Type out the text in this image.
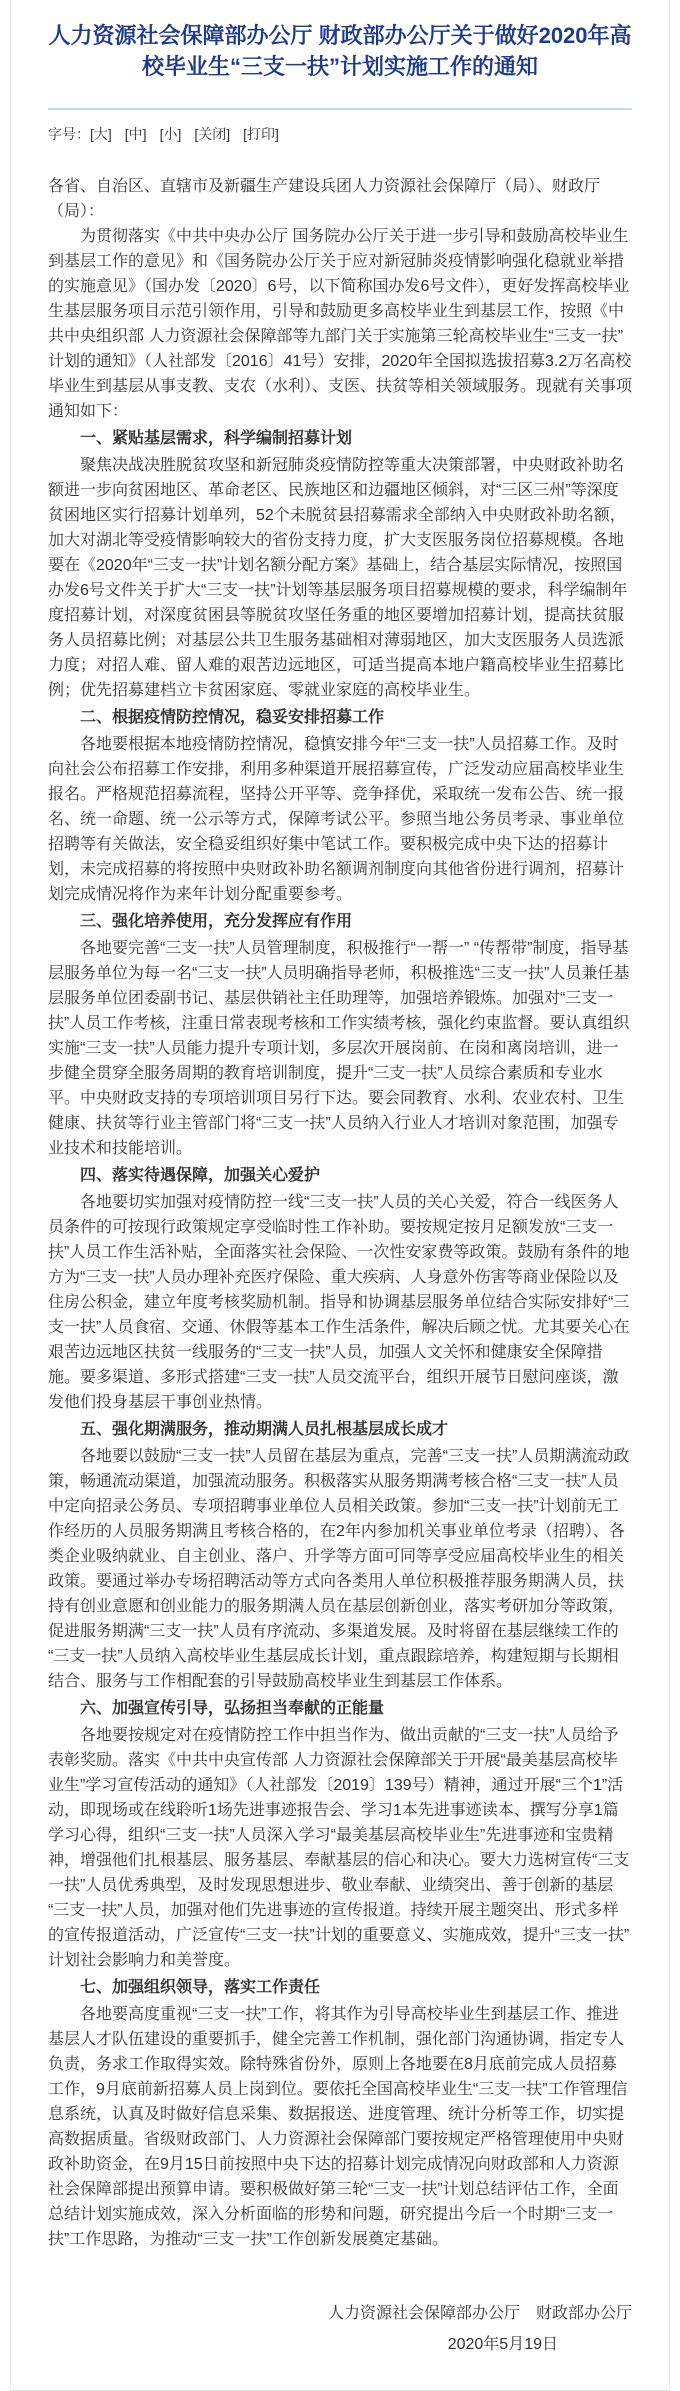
人力资源社会保障部办公厅 财政部办公厅关于做好2020年高校毕业生“三支一扶”计划实施工作的通知
字号：[大] [中] [小] [关闭] [打印]

各省、自治区、直辖市及新疆生产建设兵团人力资源社会保障厅（局）、财政厅（局）：

为贯彻落实《中共中央办公厅 国务院办公厅关于进一步引导和鼓励高校毕业生到基层工作的意见》和《国务院办公厅关于应对新冠肺炎疫情影响强化稳就业举措的实施意见》（国办发〔2020〕6号，以下简称国办发6号文件），更好发挥高校毕业生基层服务项目示范引领作用，引导和鼓励更多高校毕业生到基层工作，按照《中共中央组织部 人力资源社会保障部等九部门关于实施第三轮高校毕业生“三支一扶”计划的通知》（人社部发〔2016〕41号）安排，2020年全国拟选拔招募3.2万名高校毕业生到基层从事支教、支农（水利）、支医、扶贫等相关领域服务。现就有关事项通知如下：

一、紧贴基层需求，科学编制招募计划

聚焦决战决胜脱贫攻坚和新冠肺炎疫情防控等重大决策部署，中央财政补助名额进一步向贫困地区、革命老区、民族地区和边疆地区倾斜，对“三区三州”等深度贫困地区实行招募计划单列，52个未脱贫县招募需求全部纳入中央财政补助名额，加大对湖北等受疫情影响较大的省份支持力度，扩大支医服务岗位招募规模。各地要在《2020年“三支一扶”计划名额分配方案》基础上，结合基层实际情况，按照国办发6号文件关于扩大“三支一扶”计划等基层服务项目招募规模的要求，科学编制年度招募计划，对深度贫困县等脱贫攻坚任务重的地区要增加招募计划，提高扶贫服务人员招募比例；对基层公共卫生服务基础相对薄弱地区，加大支医服务人员选派力度；对招人难、留人难的艰苦边远地区，可适当提高本地户籍高校毕业生招募比例；优先招募建档立卡贫困家庭、零就业家庭的高校毕业生。

二、根据疫情防控情况，稳妥安排招募工作

各地要根据本地疫情防控情况，稳慎安排今年“三支一扶”人员招募工作。及时向社会公布招募工作安排，利用多种渠道开展招募宣传，广泛发动应届高校毕业生报名。严格规范招募流程，坚持公开平等、竞争择优，采取统一发布公告、统一报名、统一命题、统一公示等方式，保障考试公平。参照当地公务员考录、事业单位招聘等有关做法，安全稳妥组织好集中笔试工作。要积极完成中央下达的招募计划，未完成招募的将按照中央财政补助名额调剂制度向其他省份进行调剂，招募计划完成情况将作为来年计划分配重要参考。

三、强化培养使用，充分发挥应有作用

各地要完善“三支一扶”人员管理制度，积极推行“一帮一” “传帮带”制度，指导基层服务单位为每一名“三支一扶”人员明确指导老师，积极推选“三支一扶”人员兼任基层服务单位团委副书记、基层供销社主任助理等，加强培养锻炼。加强对“三支一扶”人员工作考核，注重日常表现考核和工作实绩考核，强化约束监督。要认真组织实施“三支一扶”人员能力提升专项计划，多层次开展岗前、在岗和离岗培训，进一步健全贯穿全服务周期的教育培训制度，提升“三支一扶”人员综合素质和专业水平。中央财政支持的专项培训项目另行下达。要会同教育、水利、农业农村、卫生健康、扶贫等行业主管部门将“三支一扶”人员纳入行业人才培训对象范围，加强专业技术和技能培训。

四、落实待遇保障，加强关心爱护

各地要切实加强对疫情防控一线“三支一扶”人员的关心关爱，符合一线医务人员条件的可按现行政策规定享受临时性工作补助。要按规定按月足额发放“三支一扶”人员工作生活补贴，全面落实社会保险、一次性安家费等政策。鼓励有条件的地方为“三支一扶”人员办理补充医疗保险、重大疾病、人身意外伤害等商业保险以及住房公积金，建立年度考核奖励机制。指导和协调基层服务单位结合实际安排好“三支一扶”人员食宿、交通、休假等基本工作生活条件，解决后顾之忧。尤其要关心在艰苦边远地区扶贫一线服务的“三支一扶”人员，加强人文关怀和健康安全保障措施。要多渠道、多形式搭建“三支一扶”人员交流平台，组织开展节日慰问座谈，激发他们投身基层干事创业热情。

五、强化期满服务，推动期满人员扎根基层成长成才

各地要以鼓励“三支一扶”人员留在基层为重点，完善“三支一扶”人员期满流动政策，畅通流动渠道，加强流动服务。积极落实从服务期满考核合格“三支一扶”人员中定向招录公务员、专项招聘事业单位人员相关政策。参加“三支一扶”计划前无工作经历的人员服务期满且考核合格的，在2年内参加机关事业单位考录（招聘）、各类企业吸纳就业、自主创业、落户、升学等方面可同等享受应届高校毕业生的相关政策。要通过举办专场招聘活动等方式向各类用人单位积极推荐服务期满人员，扶持有创业意愿和创业能力的服务期满人员在基层创新创业，落实考研加分等政策，促进服务期满“三支一扶”人员有序流动、多渠道发展。及时将留在基层继续工作的“三支一扶”人员纳入高校毕业生基层成长计划，重点跟踪培养，构建短期与长期相结合、服务与工作相配套的引导鼓励高校毕业生到基层工作体系。

六、加强宣传引导，弘扬担当奉献的正能量

各地要按规定对在疫情防控工作中担当作为、做出贡献的“三支一扶”人员给予表彰奖励。落实《中共中央宣传部 人力资源社会保障部关于开展“最美基层高校毕业生”学习宣传活动的通知》（人社部发〔2019〕139号）精神，通过开展“三个1”活动，即现场或在线聆听1场先进事迹报告会、学习1本先进事迹读本、撰写分享1篇学习心得，组织“三支一扶”人员深入学习“最美基层高校毕业生”先进事迹和宝贵精神，增强他们扎根基层、服务基层、奉献基层的信心和决心。要大力选树宣传“三支一扶”人员优秀典型，及时发现思想进步、敬业奉献、业绩突出、善于创新的基层“三支一扶”人员，加强对他们先进事迹的宣传报道。持续开展主题突出、形式多样的宣传报道活动，广泛宣传“三支一扶”计划的重要意义、实施成效，提升“三支一扶”计划社会影响力和美誉度。

七、加强组织领导，落实工作责任

各地要高度重视“三支一扶”工作，将其作为引导高校毕业生到基层工作、推进基层人才队伍建设的重要抓手，健全完善工作机制，强化部门沟通协调，指定专人负责，务求工作取得实效。除特殊省份外，原则上各地要在8月底前完成人员招募工作，9月底前新招募人员上岗到位。要依托全国高校毕业生“三支一扶”工作管理信息系统，认真及时做好信息采集、数据报送、进度管理、统计分析等工作，切实提高数据质量。省级财政部门、人力资源社会保障部门要按规定严格管理使用中央财政补助资金，在9月15日前按照中央下达的招募计划完成情况向财政部和人力资源社会保障部提出预算申请。要积极做好第三轮“三支一扶”计划总结评估工作，全面总结计划实施成效，深入分析面临的形势和问题，研究提出今后一个时期“三支一扶”工作思路，为推动“三支一扶”工作创新发展奠定基础。

人力资源社会保障部办公厅　财政部办公厅

2020年5月19日
